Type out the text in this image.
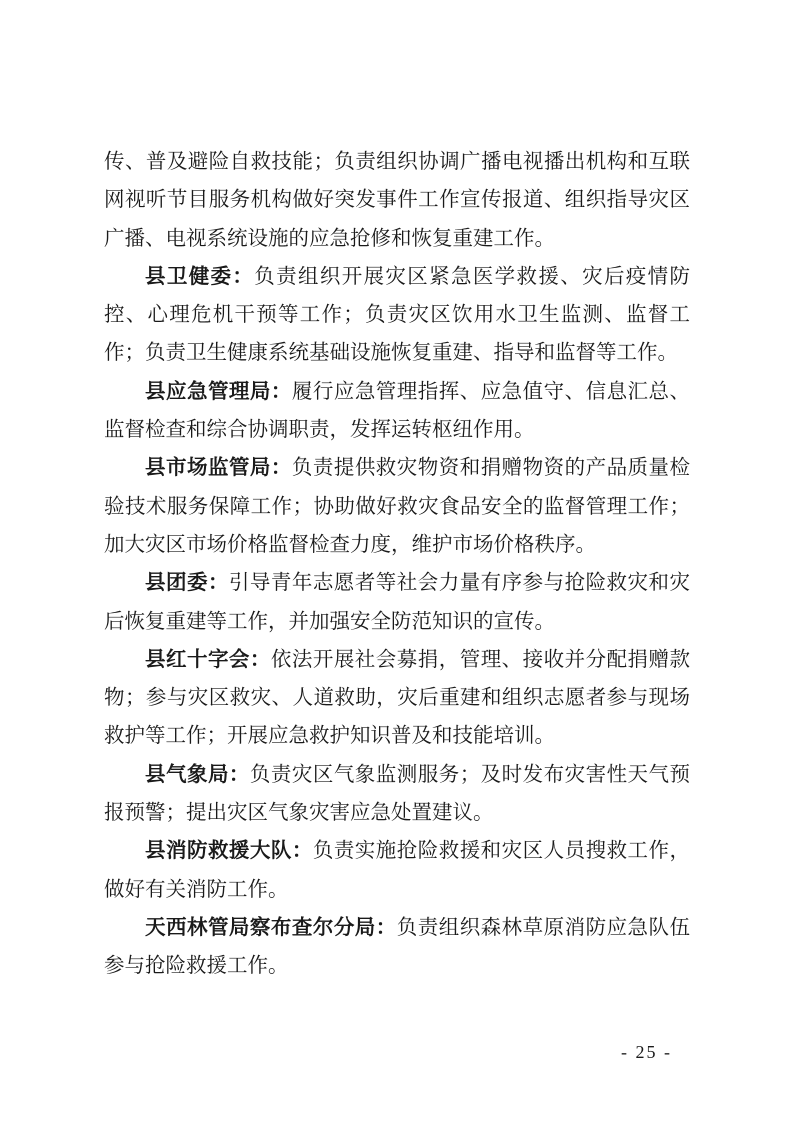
传、普及避险自救技能；负责组织协调广播电视播出机构和互联网视听节目服务机构做好突发事件工作宣传报道、组织指导灾区广播、电视系统设施的应急抢修和恢复重建工作。

县卫健委：负责组织开展灾区紧急医学救援、灾后疫情防控、心理危机干预等工作；负责灾区饮用水卫生监测、监督工作；负责卫生健康系统基础设施恢复重建、指导和监督等工作。

县应急管理局：履行应急管理指挥、应急值守、信息汇总、监督检查和综合协调职责，发挥运转枢纽作用。

县市场监管局：负责提供救灾物资和捐赠物资的产品质量检验技术服务保障工作；协助做好救灾食品安全的监督管理工作；加大灾区市场价格监督检查力度，维护市场价格秩序。

县团委：引导青年志愿者等社会力量有序参与抢险救灾和灾后恢复重建等工作，并加强安全防范知识的宣传。

县红十字会：依法开展社会募捐，管理、接收并分配捐赠款物；参与灾区救灾、人道救助，灾后重建和组织志愿者参与现场救护等工作；开展应急救护知识普及和技能培训。

县气象局：负责灾区气象监测服务；及时发布灾害性天气预报预警；提出灾区气象灾害应急处置建议。

县消防救援大队：负责实施抢险救援和灾区人员搜救工作，做好有关消防工作。

天西林管局察布查尔分局：负责组织森林草原消防应急队伍参与抢险救援工作。

- 25 -
